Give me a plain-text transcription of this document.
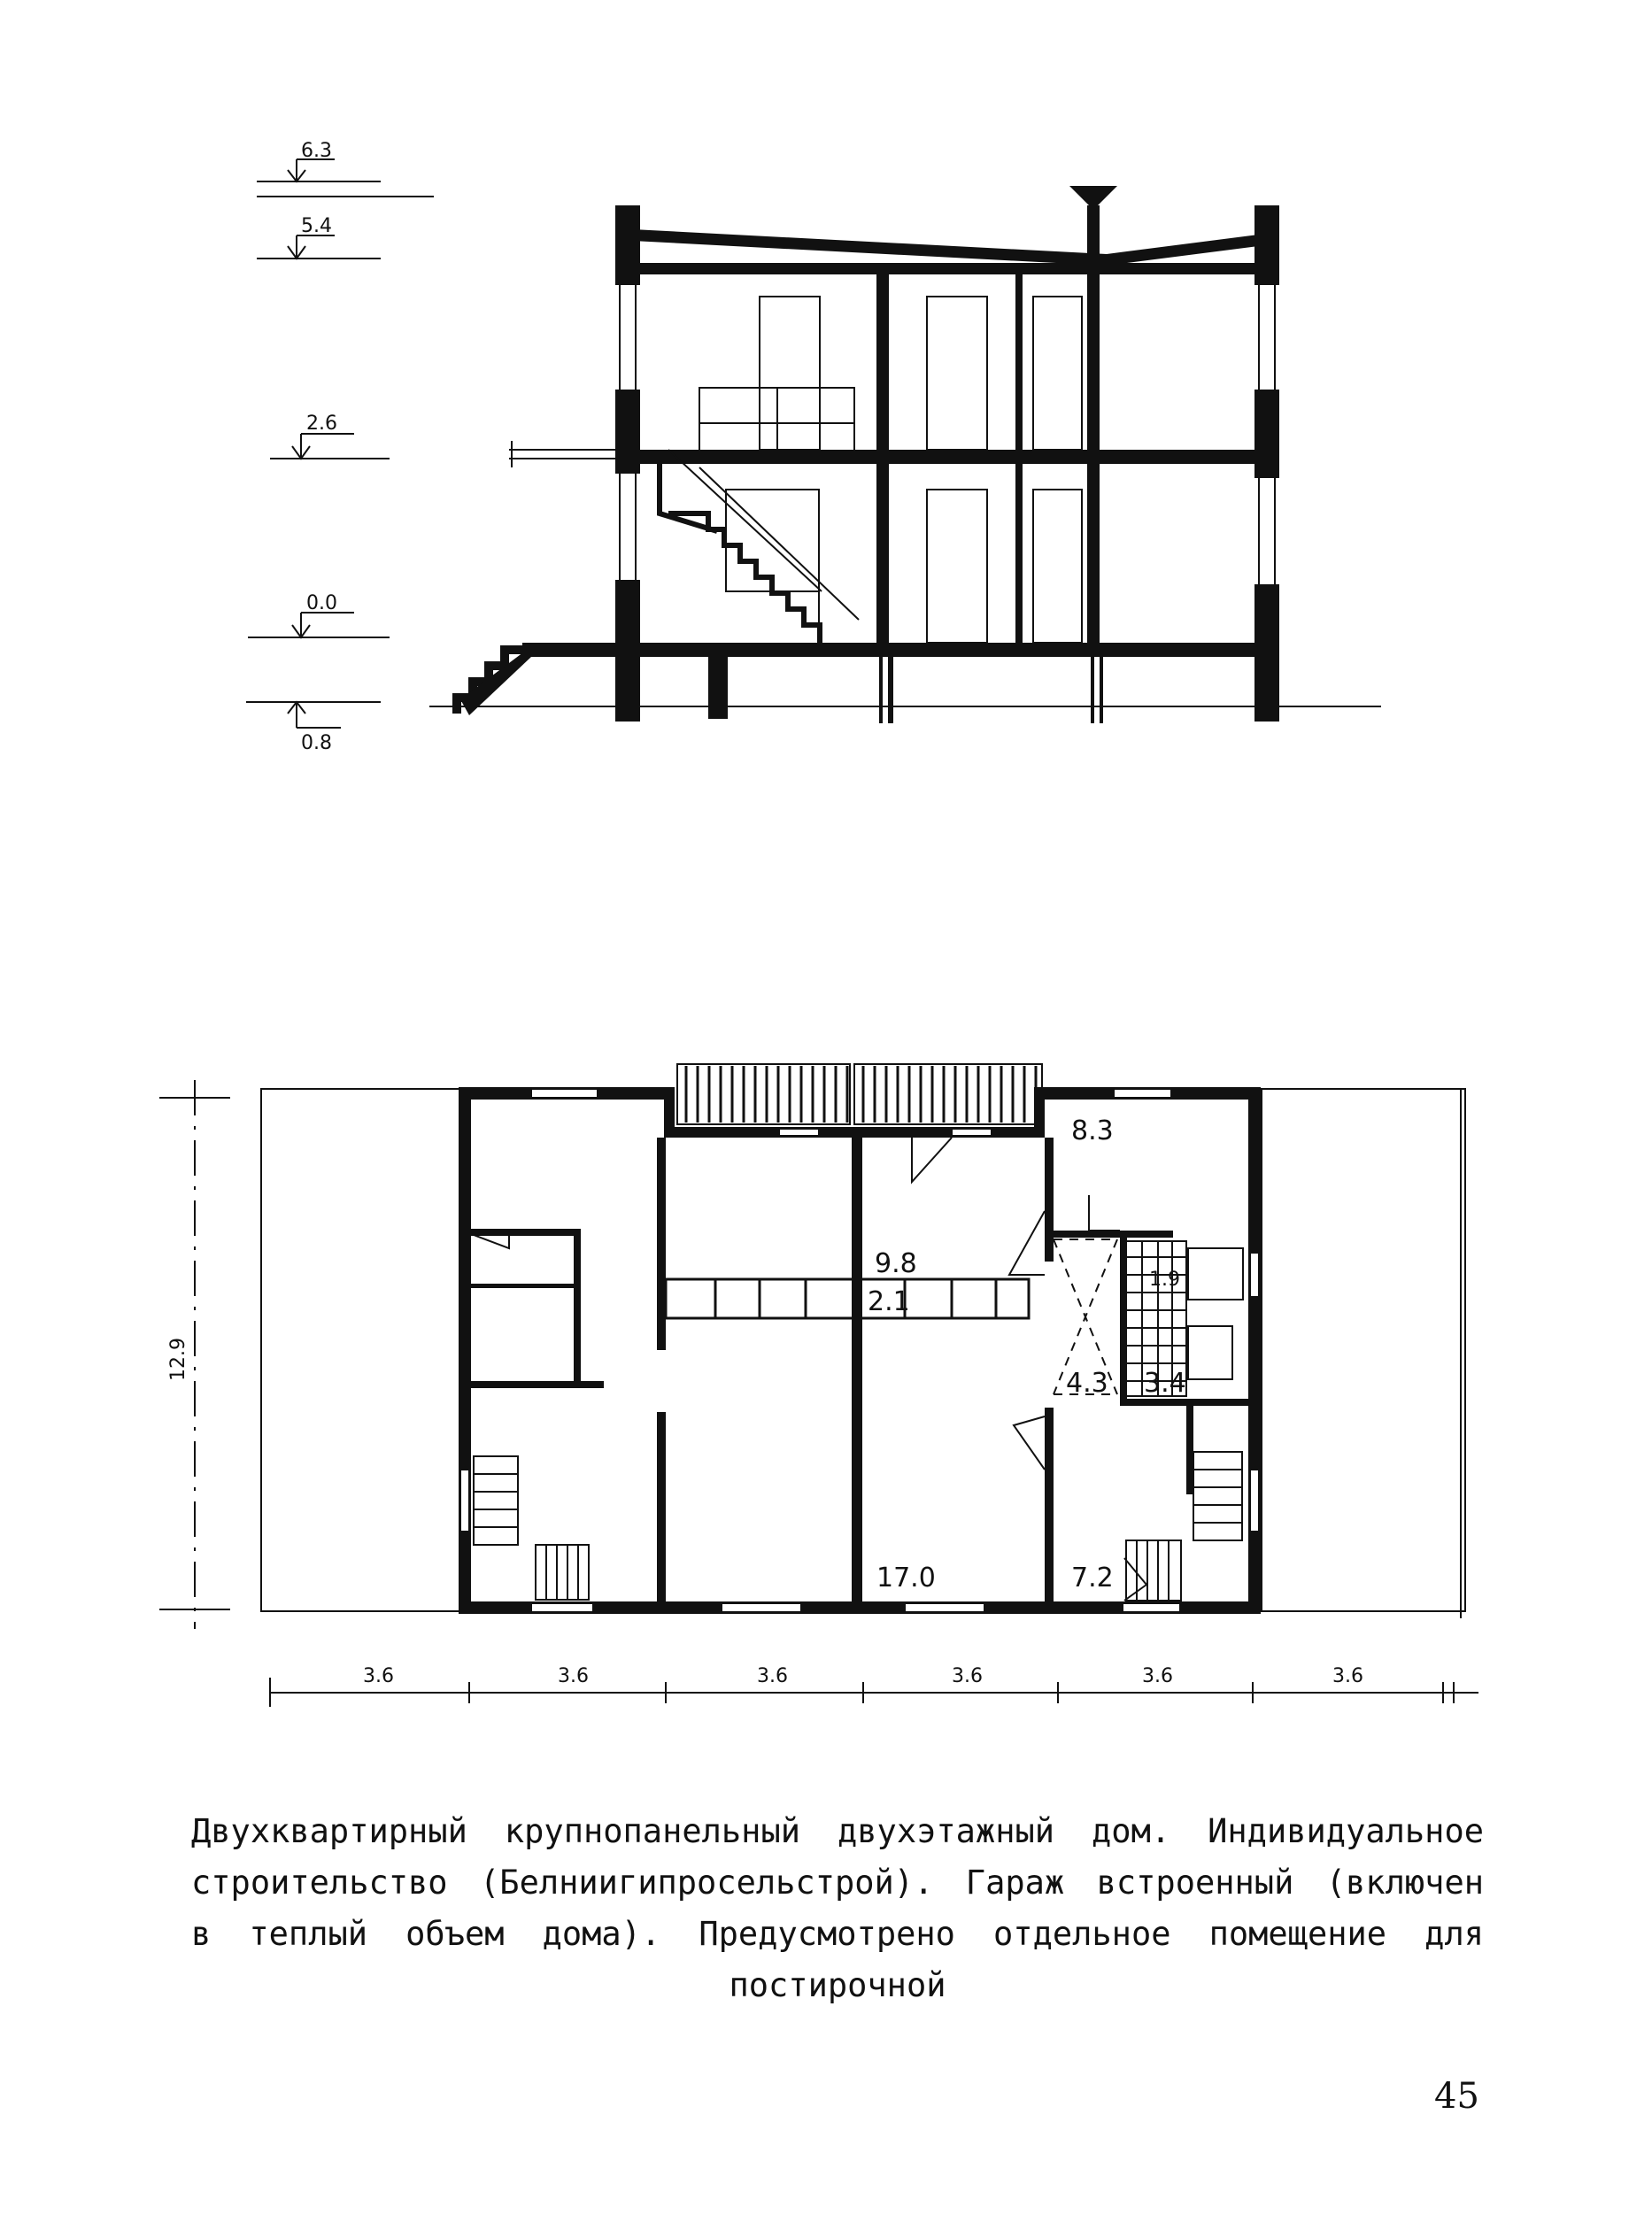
6.3
5.4
2.6
0.0
0.8
12.9
8.3
9.8
2.1
1.9
4.3 3.4
17.0	7.2
3.6	3.6	3.6	3.6	3.6	3.6
Двухквартирный крупнопанельный двухэтажный дом. Индивидуальное
строительство (Белниигипросельстрой). Гараж встроенный (включен
в теплый объем дома). Предусмотрено отдельное помещение для
постирочной
45
